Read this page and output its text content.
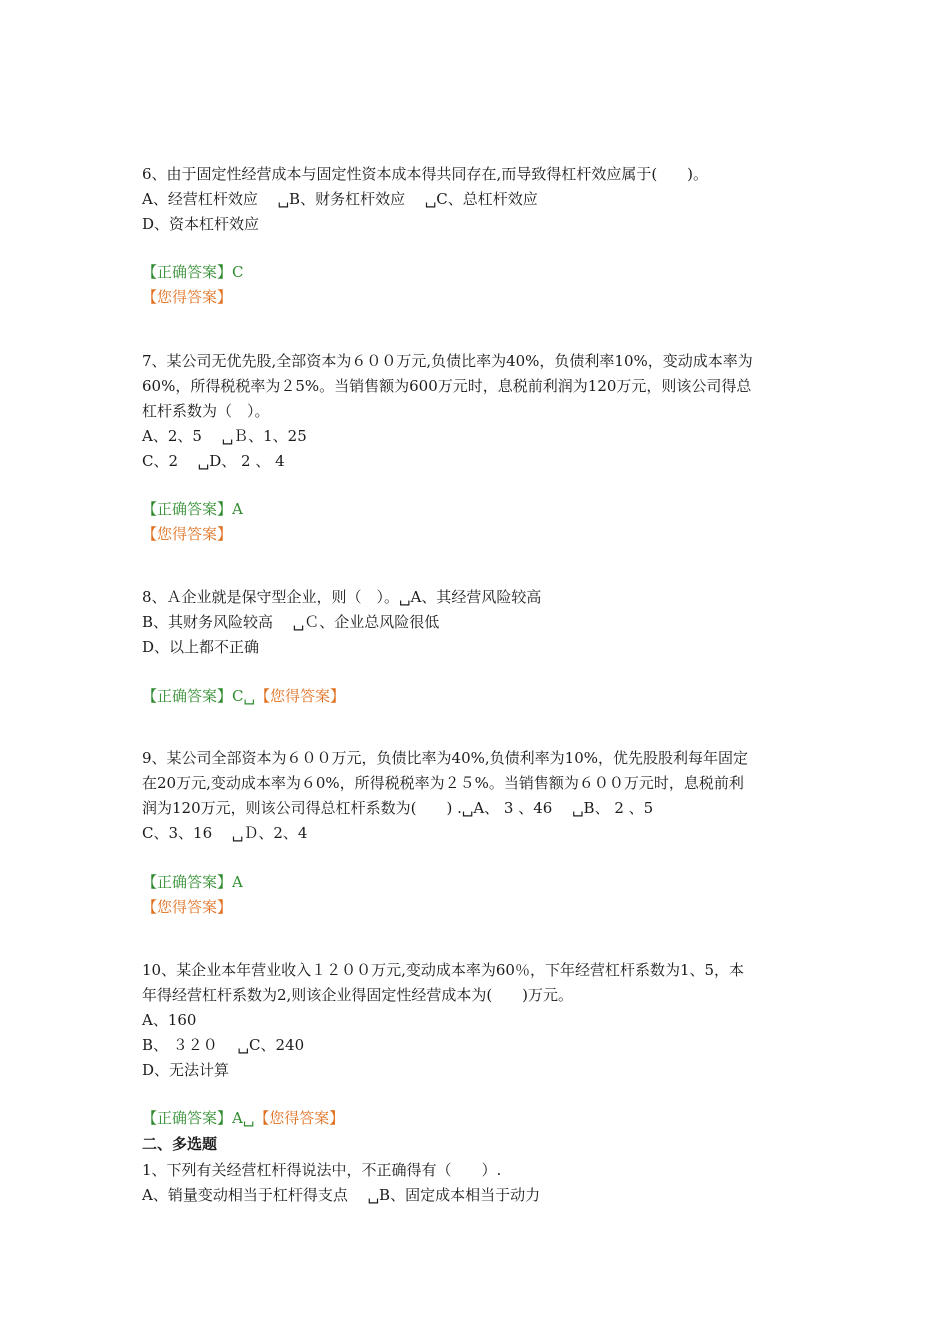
6、由于固定性经营成本与固定性资本成本得共同存在,而导致得杠杆效应属于(　　)。
A、经营杠杆效应　 ␣B、财务杠杆效应　 ␣C、总杠杆效应
D、资本杠杆效应
【正确答案】C
【您得答案】
7、某公司无优先股,全部资本为６００万元,负债比率为40%，负债利率10%，变动成本率为
60%，所得税税率为２5%。当销售额为600万元时，息税前利润为120万元，则该公司得总
杠杆系数为（　）。
A、2、5　 ␣Ｂ、1、25
C、2　 ␣D、 2 、 4
【正确答案】A
【您得答案】
8、Ａ企业就是保守型企业，则（　）。␣A、其经营风险较高
B、其财务风险较高　 ␣Ｃ、企业总风险很低
D、以上都不正确
【正确答案】C␣【您得答案】
9、某公司全部资本为６００万元，负债比率为40%,负债利率为10%，优先股股利每年固定
在20万元,变动成本率为６0%，所得税税率为２５%。当销售额为６００万元时，息税前利
润为120万元，则该公司得总杠杆系数为(　　) .␣A、 3 、46　 ␣B、 2 、5
C、3、16　 ␣Ｄ、2、4
【正确答案】A
【您得答案】
10、某企业本年营业收入１２００万元,变动成本率为60％，下年经营杠杆系数为1、5，本
年得经营杠杆系数为2,则该企业得固定性经营成本为(　　)万元。
A、160
B、 ３２０　 ␣C、240
D、无法计算
【正确答案】A␣【您得答案】
二、多选题
1、下列有关经营杠杆得说法中，不正确得有（　　）.
A、销量变动相当于杠杆得支点　 ␣B、固定成本相当于动力
